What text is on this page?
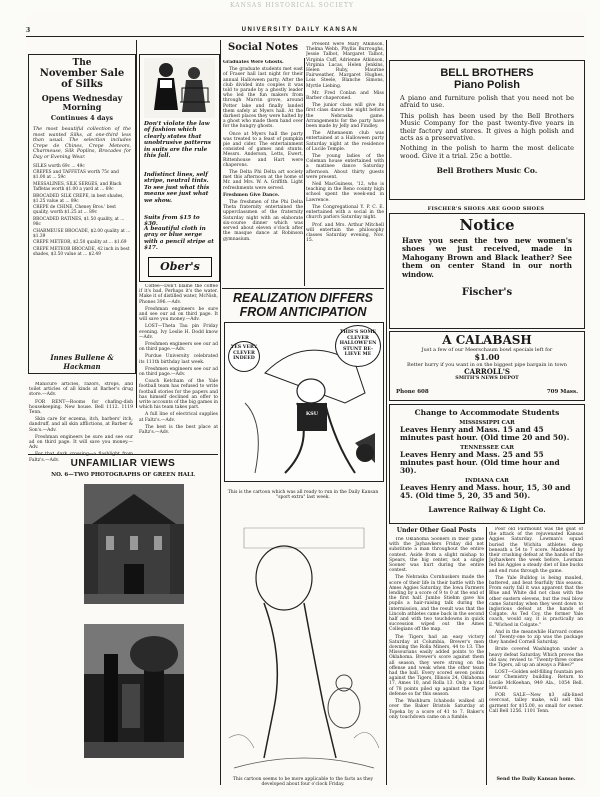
KANSAS HISTORICAL SOCIETY
3	UNIVERSITY DAILY KANSAN
The
November Sale
of Silks
Opens Wednesday
Morning
Continues 4 days
The most beautiful collection of the most wanted Silks, at one-third less than usual. The selection includes Crepe de Chines, Crepe Meteors, Charmeuse, Silk Poplins, Brocades for Day or Evening Wear.
SILKS worth 69c ... 49c
CREPES and TAFFETAS worth 75c and $1.00 at ... 59c
MESSALINES, SILK SERGES, and Black Taffetas worth $1.00 a yard at ... 69c
BROCADED SILK CREPE, in best shades, $1.25 value at ... 89c
CREPE de CHINE, Cheney Bros.' best quality, worth $1.25 at ... 89c
BROCADED RATINES, $1.50 quality, at ... 98c
CHARMEUSE BROCADE, $2.00 quality at ... $1.39
CREPE METEOR, $2.50 quality at ... $1.69
CREPE METEOR BROCADE, 42 inch in best shades, $3.50 value at ... $2.49
Innes Bullene & Hackman

Manicure articles, razors, strops, and toilet articles of all kinds at Barber's drug store.—Adv.

FOR RENT—Rooms for chafing-dish housekeeping. New house. Bell 1112. 1119 Tenn.

Skin care for eczema, itch, barbers' itch, dandruff, and all skin afflictions, at Barber & Son's.—Adv.

Freshman engineers be sure and see our ad on third page. It will save you money.—Adv.

Faltz's.—Adv.

Don't violate the law of fashion which clearly states that unobtrusive patterns in suits are the rule this fall.
Indistinct lines, self stripe, neutral tints. To see just what this means see just what we show.
Suits from $15 to $30.
A beautiful cloth in gray or blue serge with a pencil stripe at $17.
Ober's

Coffee—Don't blame the coffee if it's bad. Perhaps it's the water. Make it of distilled water, McNish, Phones 396.—Adv.

Freshman engineers be sure and see our ad on third page. It will save you money.—Adv.

LOST—Theta Tau pin Friday evening. Ivy Leslie H. Dodd know—Adv.

Freshmen engineers see our ad on third page.—Adv.

Purdue University celebrated its 111th birthday last week.

Freshmen engineers see our ad on third page.—Adv.

Coach Ketcham of the Yale football team has refused to write football stories for the papers and has himself declined an offer to write accounts of the big games in which his team takes part.

A full line of electrical supplies at Faltz's.—Adv.

The best is the best place at Faltz's.—Adv.

UNFAMILIAR VIEWS
NO. 6—TWO PHOTOGRAPHS OF GREEN HALL
Social Notes

Graduates Were Ghosts.

The graduate students met east of Fraser hall last night for their annual Halloween party. After the club divided into couples it was told to parade by a ghostly leader who led the fun makers from through Marvin grove, around Potter lake and finally landed them safely at Myers hall. At the darkest places they were halted by a ghost who made them hand over for the hungry ghosts.

Once at Myers hall the party was treated to a feast of pumpkin pie and cider. The entertainment consisted of games and stunts. Messrs. Anderson, Letts, Ewert, Rittenhouse and Hart were chaperons.

The Delta Phi Delta art society met this afternoon at the home of Mr. and Mrs. W. A. Griffith. Light refreshments were served.

Freshmen Give Dance.

The freshmen of the Phi Delta Theta fraternity entertained the upperclassmen of the fraternity Saturday night with an elaborate six-course dinner which was served about eleven o'clock after the masque dance at Robinson gymnasium.

Present were Mary Atkinson, Thelma Webb, Phyllis Burroughs, Jessie Talbot, Margaret Talbot, Virginia Cuff, Adrienne Atkinson, Virginia Lucas, Helen Jenkins, Helen Ruby, Maurine Fairweather, Margaret Hughes, Lois Steele, Blanche Simons, Myrtle Liebing.

Mr. Fred Conlan and Miss Barber chaperoned.

The junior class will give its first class dance the night before the Nebraska game. Arrangements for the party have been made by Jelly and Findley.

The Athenaeum club was entertained at a Halloween party Saturday night at the residence of Lucile Temple.

The young ladies of the Coleman house entertained with a matinee dance Saturday afternoon. About thirty guests were present.

Neil MacGuiness, '12, who is teaching in the Reno county high school spent the week-end in Lawrence.

The Congregational Y. P. C. E. entertained with a social in the church parlors Saturday night.

Prof. and Mrs. Arthur Mitchell will entertain the philosophy classes Saturday evening, Nov. 15.

REALIZATION DIFFERS
FROM ANTICIPATION
YES VERY CLEVER INDEED
THIS'S SOME CLEVER HALLOWE'EN STUNT BE-LIEVE ME
KSU
This is the cartoon which was all ready to run in the Daily Kansan "sport extra" last week.
This cartoon seems to be more applicable to the facts as they developed about four o'clock Friday.
BELL BROTHERS
Piano Polish
A piano and furniture polish that you need not be afraid to use.
This polish has been used by the Bell Brothers Music Company for the past twenty-five years in their factory and stores. It gives a high polish and acts as a preservative.
Nothing in the polish to harm the most delicate wood. Give it a trial. 25c a bottle.
Bell Brothers Music Co.
FISCHER'S SHOES ARE GOOD SHOES
Notice
Have you seen the two new women's shoes we just received, made in Mahogany Brown and Black leather? See them on center Stand in our north window.
Fischer's
A CALABASH
Just a few of our Meerschaum bowl specials left for
$1.00
Better hurry if you want in on the biggest pipe bargain in town
CARROLL'S
SMITH'S NEWS DEPOT
Phone 608	709 Mass.
Change to Accommodate Students
MISSISSIPPI CAR
Leaves Henry and Mass. 15 and 45 minutes past hour. (Old time 20 and 50).
TENNESSEE CAR
Leaves Henry and Mass. 25 and 55 minutes past hour. (Old time hour and 30).
INDIANA CAR
Leaves Henry and Mass. hour, 15, 30 and 45. (Old time 5, 20, 35 and 50).
Lawrence Railway & Light Co.
Under Other Goal Posts

The Oklahoma Sooners in their game with the Jayhawkers Friday did not substitute a man throughout the entire contest. Aside from a slight mishap to Spears, the big center, not a single Sooner was hurt during the entire contest.

The Nebraska Cornhuskers made the score of their life in their battle with the Ames Aggies Saturday, the Iowa Farmers lending by a score of 9 to 0 at the end of the first half. Jumbo Stiehm gave his pupils a hair-raising talk during the intermission, and the result was that the Lincoln athletes came back in the second half and with two touchdowns in quick succession wiped out the Ames Collegians off the map.

The Tigers had an easy victory Saturday at Columbia, Brewer's men downing the Rolla Miners, 44 to 13. The Missourians easily added points to the Oklahoma. Brewer's score against them all season, they were strong on the offense and weak when the other team had the ball. Every scored seven points against the Tigers, Illinois 24, Oklahoma 17, Ames 10, and Rolla 13. Only a total of 78 points piled up against the Tiger defense so far this season.

The Washburn Ichabods walked all over the Baker Bristols Saturday at Topeka by a score of 41 to 7. Baker's only touchdown came on a fumble.

Poor old Fairmount was the goat of the attack of the rejuvenated Kansas Aggies Saturday. Lowman's squad buried the Wichita athletes deep beneath a 54 to 7 score. Maddened by their crushing defeat at the hands of the Jayhawkers the week before, Lowman fed his Aggies a steady diet of line bucks and end runs through the game.

The Yale Bulldog is being mauled, battered, and beat fearfully this season. From early fall it was apparent that the Blue and White did not class with the other eastern elevens, but the real blow came Saturday when they went down to inglorious defeat at the hands of Colgate. As Ted Coy, the former Yale coach, would say, it is practically an E."Wiched in Colgate."

And in the meanwhile Harvard comes on! Twenty-one to zip was the package they handed Cornell Saturday.

Brute covered Washington under a heavy defeat Saturday. Which proves the old saw, revised to "Twenty-three comes the Tigers, all up an always a Pikes?"

LOST—Golden self-filling fountain pen near Chemistry building. Return to Lucile McKeehan, 949 Ala., 1054 Bell. Reward.

FOR SALE—New $3 silk-lined overcoat, talley make, will sell this garment for $15.00, so small for owner. Call Bell 1256. 1101 Tenn.

Send the Daily Kansan home.
